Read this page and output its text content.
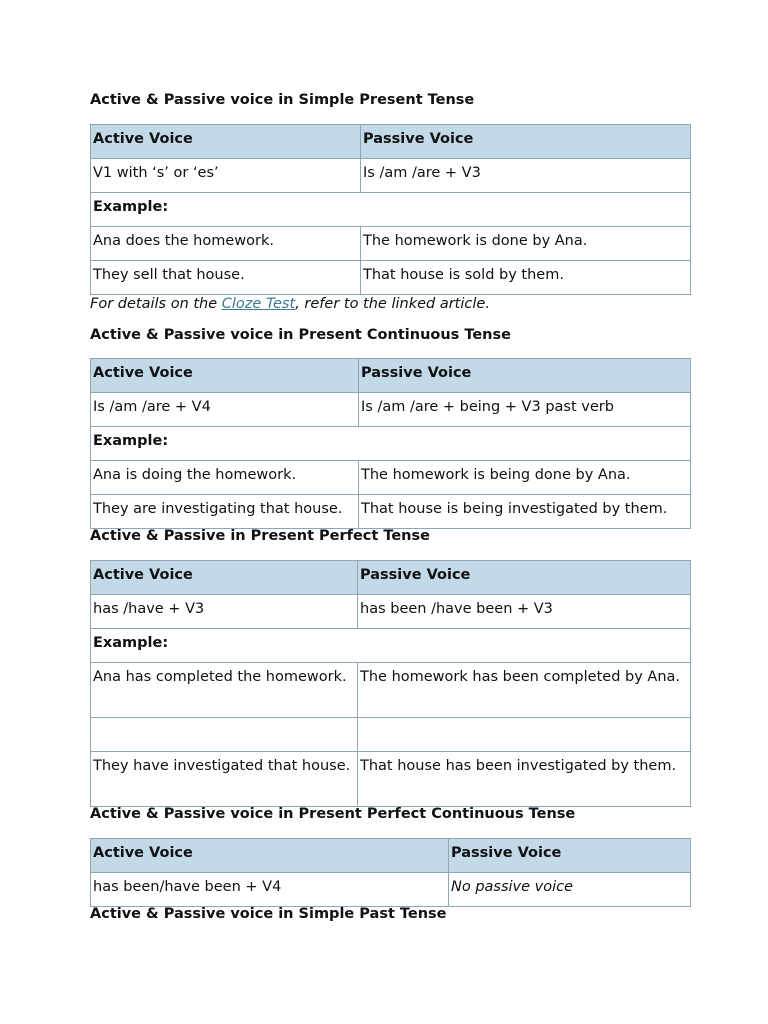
Active & Passive voice in Simple Present Tense
Active Voice	Passive Voice
V1 with ‘s’ or ‘es’	Is /am /are + V3
Example:	
Ana does the homework.	The homework is done by Ana.
They sell that house.	That house is sold by them.
For details on the Cloze Test, refer to the linked article.
Active & Passive voice in Present Continuous Tense
Active Voice	Passive Voice
Is /am /are + V4	Is /am /are + being + V3 past verb
Example:	
Ana is doing the homework.	The homework is being done by Ana.
They are investigating that house.	That house is being investigated by them.
Active & Passive in Present Perfect Tense
Active Voice	Passive Voice
has /have + V3	has been /have been + V3
Example:	
Ana has completed the homework.	The homework has been completed by Ana.

They have investigated that house.	That house has been investigated by them.
Active & Passive voice in Present Perfect Continuous Tense
Active Voice	Passive Voice
has been/have been + V4	No passive voice
Active & Passive voice in Simple Past Tense
